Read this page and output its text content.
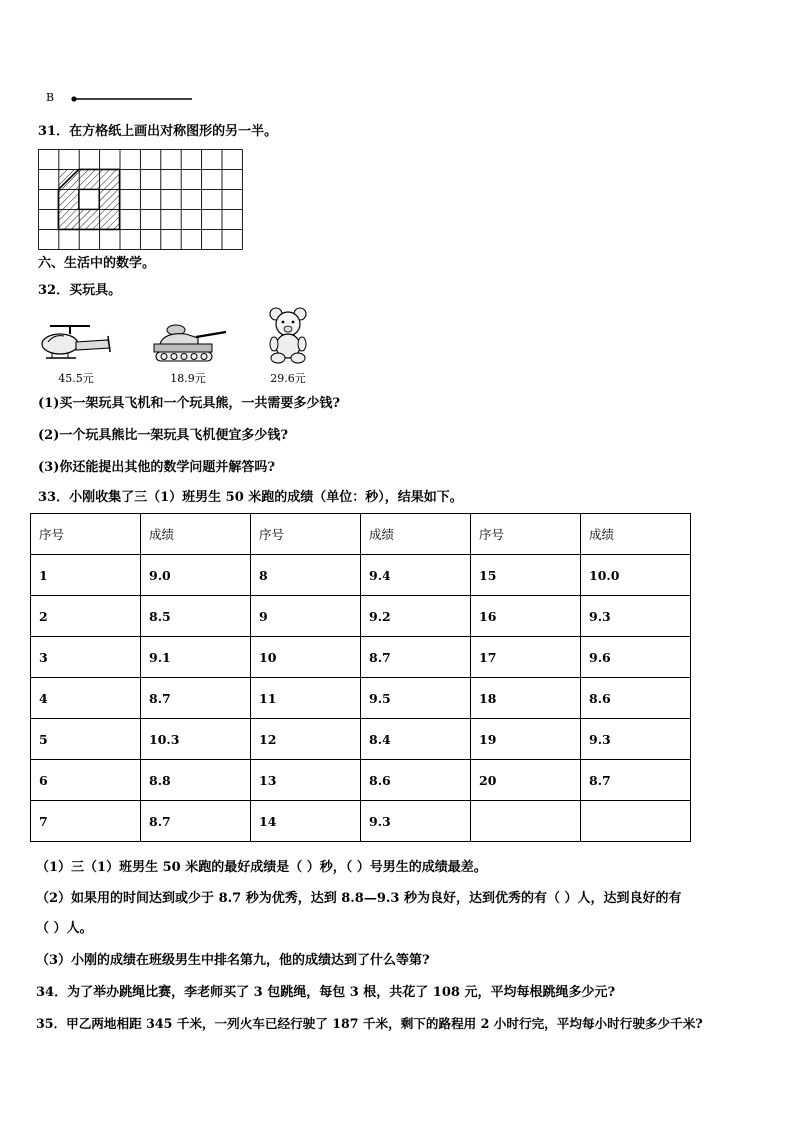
B
31．在方格纸上画出对称图形的另一半。
六、生活中的数学。
32．买玩具。
45.5元	18.9元	29.6元
(1)买一架玩具飞机和一个玩具熊，一共需要多少钱?
(2)一个玩具熊比一架玩具飞机便宜多少钱?
(3)你还能提出其他的数学问题并解答吗?
33．小刚收集了三（1）班男生 50 米跑的成绩（单位：秒），结果如下。
序号	成绩	序号	成绩	序号	成绩
1	9.0	8	9.4	15	10.0
2	8.5	9	9.2	16	9.3
3	9.1	10	8.7	17	9.6
4	8.7	11	9.5	18	8.6
5	10.3	12	8.4	19	9.3
6	8.8	13	8.6	20	8.7
7	8.7	14	9.3		
（1）三（1）班男生 50 米跑的最好成绩是（ ）秒，（ ）号男生的成绩最差。
（2）如果用的时间达到或少于 8.7 秒为优秀，达到 8.8—9.3 秒为良好，达到优秀的有（ ）人，达到良好的有
（ ）人。
（3）小刚的成绩在班级男生中排名第九，他的成绩达到了什么等第?
34．为了举办跳绳比赛，李老师买了 3 包跳绳，每包 3 根，共花了 108 元，平均每根跳绳多少元?
35．甲乙两地相距 345 千米，一列火车已经行驶了 187 千米，剩下的路程用 2 小时行完，平均每小时行驶多少千米?
